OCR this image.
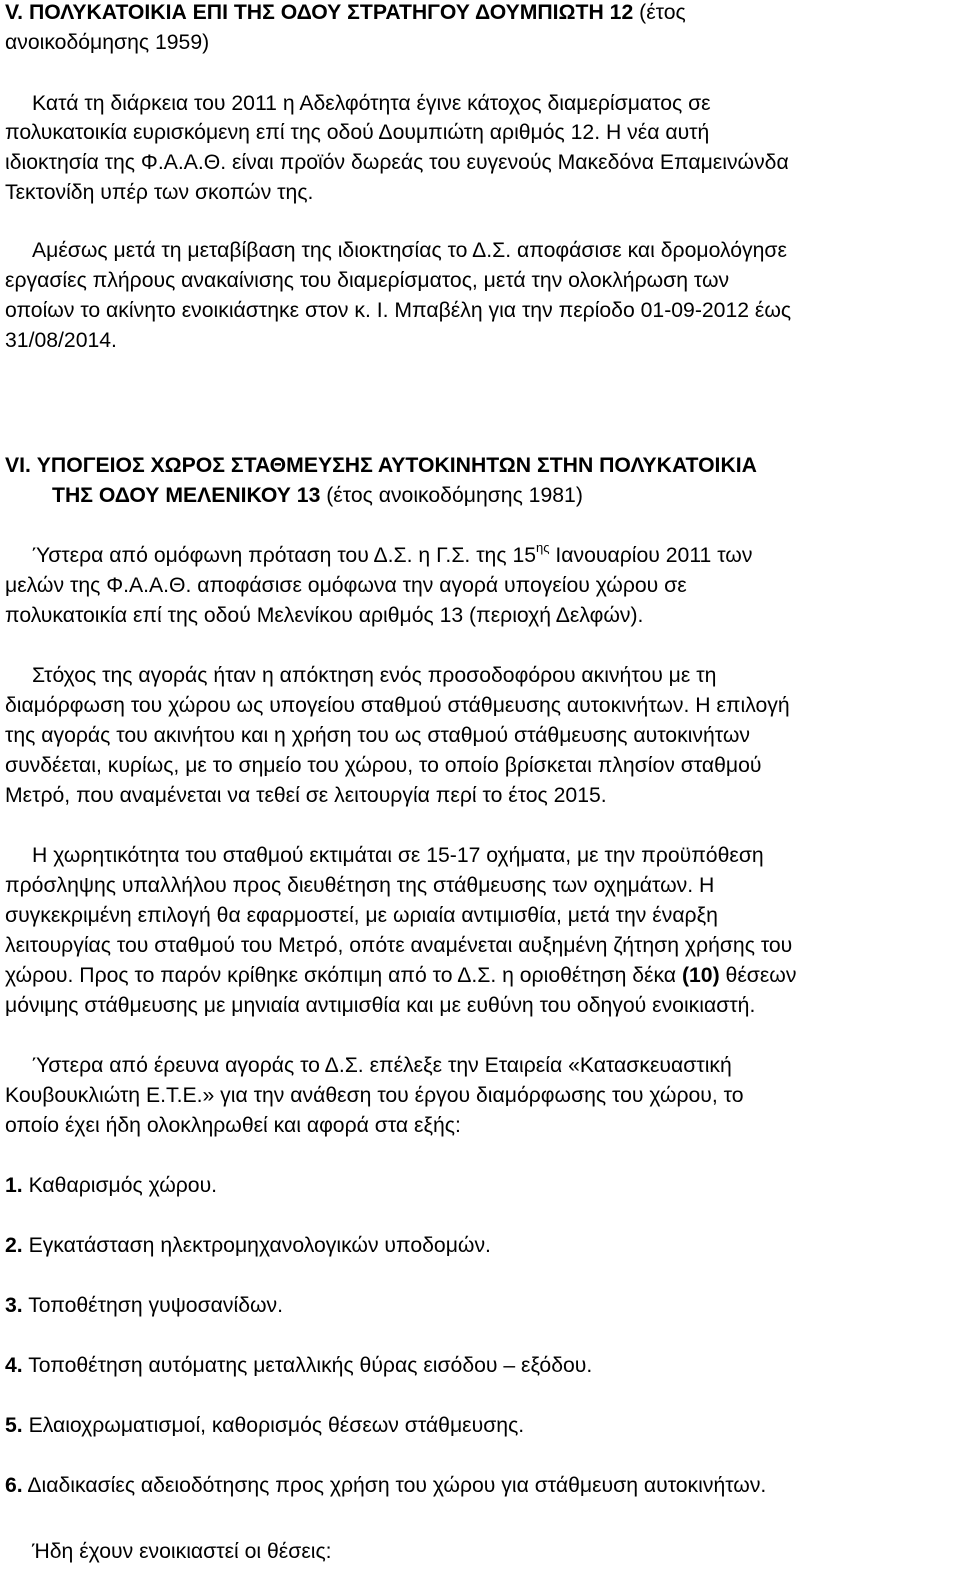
V. ΠΟΛΥΚΑΤΟΙΚΙΑ ΕΠΙ ΤΗΣ ΟΔΟΥ ΣΤΡΑΤΗΓΟΥ ΔΟΥΜΠΙΩΤΗ 12 (έτος
ανοικοδόμησης 1959)
Κατά τη διάρκεια του 2011 η Αδελφότητα έγινε κάτοχος διαμερίσματος σε
πολυκατοικία ευρισκόμενη επί της οδού Δουμπιώτη αριθμός 12. Η νέα αυτή
ιδιοκτησία της Φ.Α.Α.Θ. είναι προϊόν δωρεάς του ευγενούς Μακεδόνα Επαμεινώνδα
Τεκτονίδη υπέρ των σκοπών της.
Αμέσως μετά τη μεταβίβαση της ιδιοκτησίας το Δ.Σ. αποφάσισε και δρομολόγησε
εργασίες πλήρους ανακαίνισης του διαμερίσματος, μετά την ολοκλήρωση των
οποίων το ακίνητο ενοικιάστηκε στον κ. Ι. Μπαβέλη για την περίοδο 01-09-2012 έως
31/08/2014.
VI. ΥΠΟΓΕΙΟΣ ΧΩΡΟΣ ΣΤΑΘΜΕΥΣΗΣ ΑΥΤΟΚΙΝΗΤΩΝ ΣΤΗΝ ΠΟΛΥΚΑΤΟΙΚΙΑ
ΤΗΣ ΟΔΟΥ ΜΕΛΕΝΙΚΟΥ 13 (έτος ανοικοδόμησης 1981)
Ύστερα από ομόφωνη πρόταση του Δ.Σ. η Γ.Σ. της $15^{\eta\varsigma}$ Ιανουαρίου 2011 των
μελών της Φ.Α.Α.Θ. αποφάσισε ομόφωνα την αγορά υπογείου χώρου σε
πολυκατοικία επί της οδού Μελενίκου αριθμός 13 (περιοχή Δελφών).
Στόχος της αγοράς ήταν η απόκτηση ενός προσοδοφόρου ακινήτου με τη
διαμόρφωση του χώρου ως υπογείου σταθμού στάθμευσης αυτοκινήτων. Η επιλογή
της αγοράς του ακινήτου και η χρήση του ως σταθμού στάθμευσης αυτοκινήτων
συνδέεται, κυρίως, με το σημείο του χώρου, το οποίο βρίσκεται πλησίον σταθμού
Μετρό, που αναμένεται να τεθεί σε λειτουργία περί το έτος 2015.
Η χωρητικότητα του σταθμού εκτιμάται σε 15-17 οχήματα, με την προϋπόθεση
πρόσληψης υπαλλήλου προς διευθέτηση της στάθμευσης των οχημάτων. Η
συγκεκριμένη επιλογή θα εφαρμοστεί, με ωριαία αντιμισθία, μετά την έναρξη
λειτουργίας του σταθμού του Μετρό, οπότε αναμένεται αυξημένη ζήτηση χρήσης του
χώρου. Προς το παρόν κρίθηκε σκόπιμη από το Δ.Σ. η οριοθέτηση δέκα (10) θέσεων
μόνιμης στάθμευσης με μηνιαία αντιμισθία και με ευθύνη του οδηγού ενοικιαστή.
Ύστερα από έρευνα αγοράς το Δ.Σ. επέλεξε την Εταιρεία «Κατασκευαστική
Κουβουκλιώτη Ε.Τ.Ε.» για την ανάθεση του έργου διαμόρφωσης του χώρου, το
οποίο έχει ήδη ολοκληρωθεί και αφορά στα εξής:
1. Καθαρισμός χώρου.
2. Εγκατάσταση ηλεκτρομηχανολογικών υποδομών.
3. Τοποθέτηση γυψοσανίδων.
4. Τοποθέτηση αυτόματης μεταλλικής θύρας εισόδου – εξόδου.
5. Ελαιοχρωματισμοί, καθορισμός θέσεων στάθμευσης.
6. Διαδικασίες αδειοδότησης προς χρήση του χώρου για στάθμευση αυτοκινήτων.
Ήδη έχουν ενοικιαστεί οι θέσεις:
